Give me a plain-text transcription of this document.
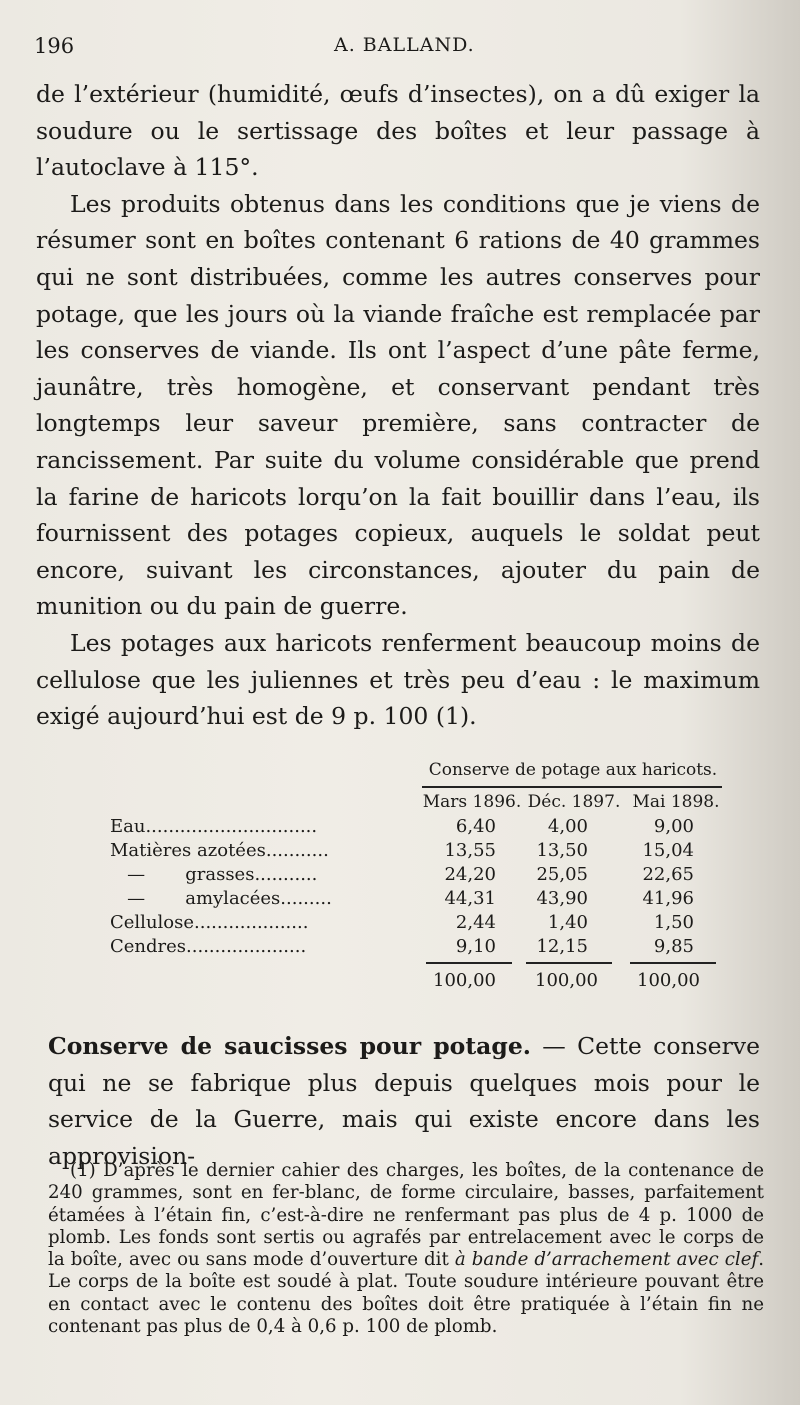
196	A. BALLAND.

de l’extérieur (humidité, œufs d’insectes), on a dû exiger la soudure ou le sertissage des boîtes et leur passage à l’autoclave à 115°.

Les produits obtenus dans les conditions que je viens de résumer sont en boîtes contenant 6 rations de 40 grammes qui ne sont distribuées, comme les autres conserves pour potage, que les jours où la viande fraîche est remplacée par les conserves de viande. Ils ont l’aspect d’une pâte ferme, jaunâtre, très homogène, et conservant pendant très longtemps leur saveur première, sans contracter de rancissement. Par suite du volume considérable que prend la farine de haricots lorqu’on la fait bouillir dans l’eau, ils fournissent des potages copieux, auquels le soldat peut encore, suivant les circonstances, ajouter du pain de munition ou du pain de guerre.

Les potages aux haricots renferment beaucoup moins de cellulose que les juliennes et très peu d’eau : le maximum exigé aujourd’hui est de 9 p. 100 (1).

Conserve de potage aux haricots.
Mars 1896. Déc. 1897. Mai 1898.
Eau..............................	6,40	4,00	9,00
Matières azotées...........	13,55	13,50	15,04
—       grasses...........	24,20	25,05	22,65
—       amylacées.........	44,31	43,90	41,96
Cellulose....................	2,44	1,40	1,50
Cendres.....................	9,10	12,15	9,85
100,00	100,00	100,00

Conserve de saucisses pour potage. — Cette conserve qui ne se fabrique plus depuis quelques mois pour le service de la Guerre, mais qui existe encore dans les approvision-

(1) D’après le dernier cahier des charges, les boîtes, de la contenance de 240 grammes, sont en fer-blanc, de forme circulaire, basses, parfaitement étamées à l’étain fin, c’est-à-dire ne renfermant pas plus de 4 p. 1000 de plomb. Les fonds sont sertis ou agrafés par entrelacement avec le corps de la boîte, avec ou sans mode d’ouverture dit à bande d’arrachement avec clef. Le corps de la boîte est soudé à plat. Toute soudure intérieure pouvant être en contact avec le contenu des boîtes doit être pratiquée à l’étain fin ne contenant pas plus de 0,4 à 0,6 p. 100 de plomb.
